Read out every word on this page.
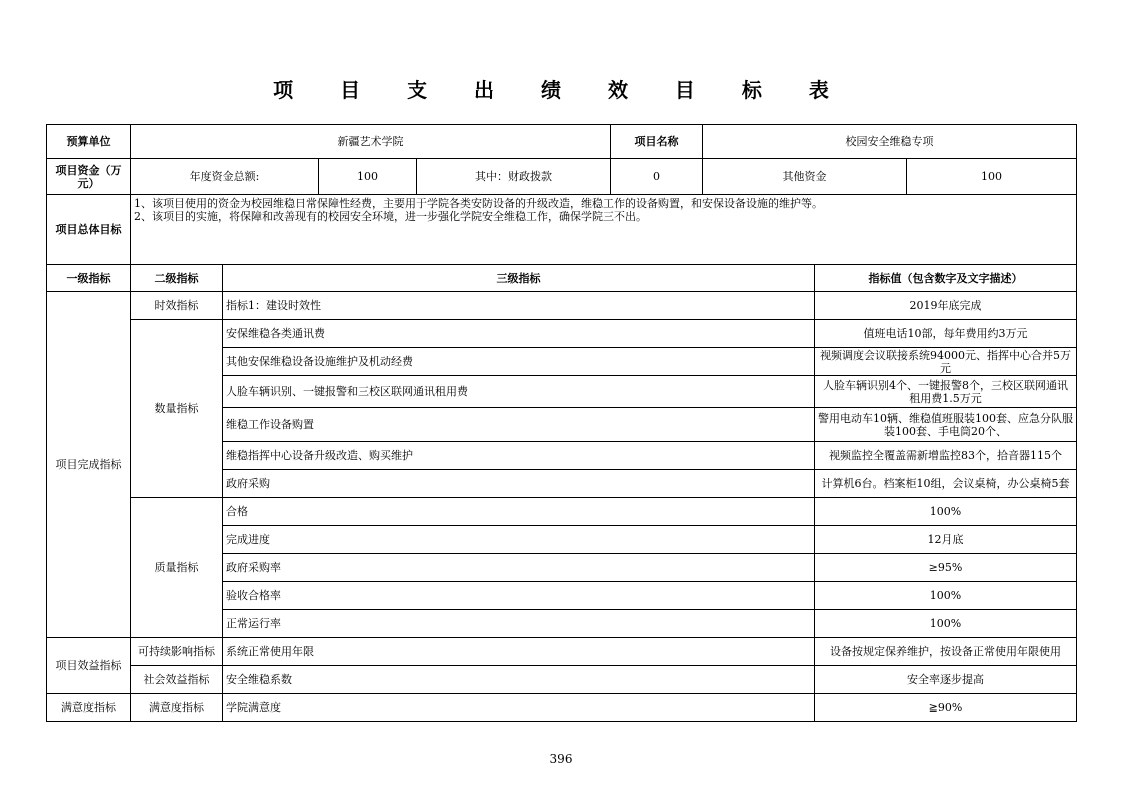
项 目 支 出 绩 效 目 标 表
预算单位	新疆艺术学院				项目名称	校园安全维稳专项		
项目资金（万元）	年度资金总额:		100	其中：财政拨款	0	其他资金		100
项目总体目标	1、该项目使用的资金为校园维稳日常保障性经费，主要用于学院各类安防设备的升级改造，维稳工作的设备购置，和安保设备设施的维护等。
2、该项目的实施，将保障和改善现有的校园安全环境，进一步强化学院安全维稳工作，确保学院三不出。							

一级指标	二级指标	三级指标					指标值（包含数字及文字描述）	
项目完成指标	时效指标	指标1：建设时效性					2019年底完成	
	数量指标	安保维稳各类通讯费					值班电话10部，每年费用约3万元	
		其他安保维稳设备设施维护及机动经费					视频调度会议联接系统94000元、指挥中心合并5万元	
		人脸车辆识别、一键报警和三校区联网通讯租用费					人脸车辆识别4个、一键报警8个，三校区联网通讯租用费1.5万元	
		维稳工作设备购置					警用电动车10辆、维稳值班服装100套、应急分队服装100套、手电筒20个、	
		维稳指挥中心设备升级改造、购买维护					视频监控全覆盖需新增监控83个，拾音器115个	
		政府采购					计算机6台。档案柜10组，会议桌椅，办公桌椅5套	
	质量指标	合格					100%	
		完成进度					12月底	
		政府采购率					≥95%	
		验收合格率					100%	
		正常运行率					100%	
项目效益指标	可持续影响指标	系统正常使用年限					设备按规定保养维护，按设备正常使用年限使用	
	社会效益指标	安全维稳系数					安全率逐步提高	
满意度指标	满意度指标	学院满意度					≧90%	
396
